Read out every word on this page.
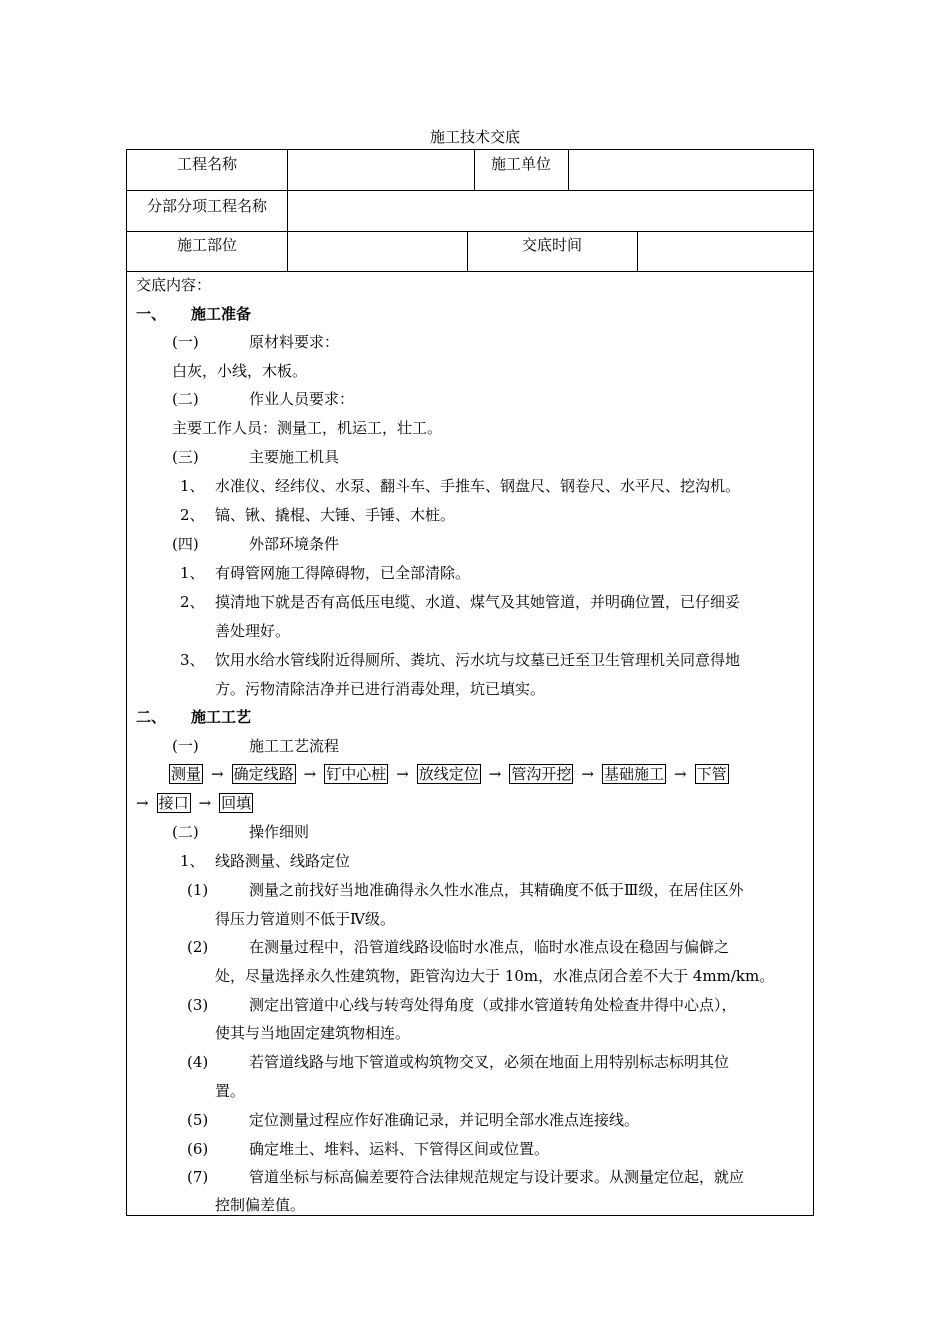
施工技术交底
工程名称	施工单位
分部分项工程名称
施工部位	交底时间
交底内容：
一、 施工准备
(一)	原材料要求：
白灰，小线，木板。
(二)	作业人员要求：
主要工作人员：测量工，机运工，壮工。
(三)	主要施工机具
1、 水准仪、经纬仪、水泵、翻斗车、手推车、钢盘尺、钢卷尺、水平尺、挖沟机。
2、 镐、锹、撬棍、大锤、手锤、木桩。
(四)	外部环境条件
1、 有碍管网施工得障碍物，已全部清除。
2、 摸清地下就是否有高低压电缆、水道、煤气及其她管道，并明确位置，已仔细妥
善处理好。
3、 饮用水给水管线附近得厕所、粪坑、污水坑与坟墓已迁至卫生管理机关同意得地
方。污物清除洁净并已进行消毒处理，坑已填实。
二、 施工工艺
(一)	施工工艺流程
测量 → 确定线路 → 钉中心桩 → 放线定位 → 管沟开挖 → 基础施工 → 下管
→ 接口 → 回填
(二)	操作细则
1、 线路测量、线路定位
(1)	测量之前找好当地准确得永久性水准点，其精确度不低于Ⅲ级，在居住区外
得压力管道则不低于Ⅳ级。
(2)	在测量过程中，沿管道线路设临时水准点，临时水准点设在稳固与偏僻之
处，尽量选择永久性建筑物，距管沟边大于 10m，水准点闭合差不大于 4mm/km。
(3)	测定出管道中心线与转弯处得角度（或排水管道转角处检查井得中心点），
使其与当地固定建筑物相连。
(4)	若管道线路与地下管道或构筑物交叉，必须在地面上用特别标志标明其位
置。
(5)	定位测量过程应作好准确记录，并记明全部水准点连接线。
(6)	确定堆土、堆料、运料、下管得区间或位置。
(7)	管道坐标与标高偏差要符合法律规范规定与设计要求。从测量定位起，就应
控制偏差值。
